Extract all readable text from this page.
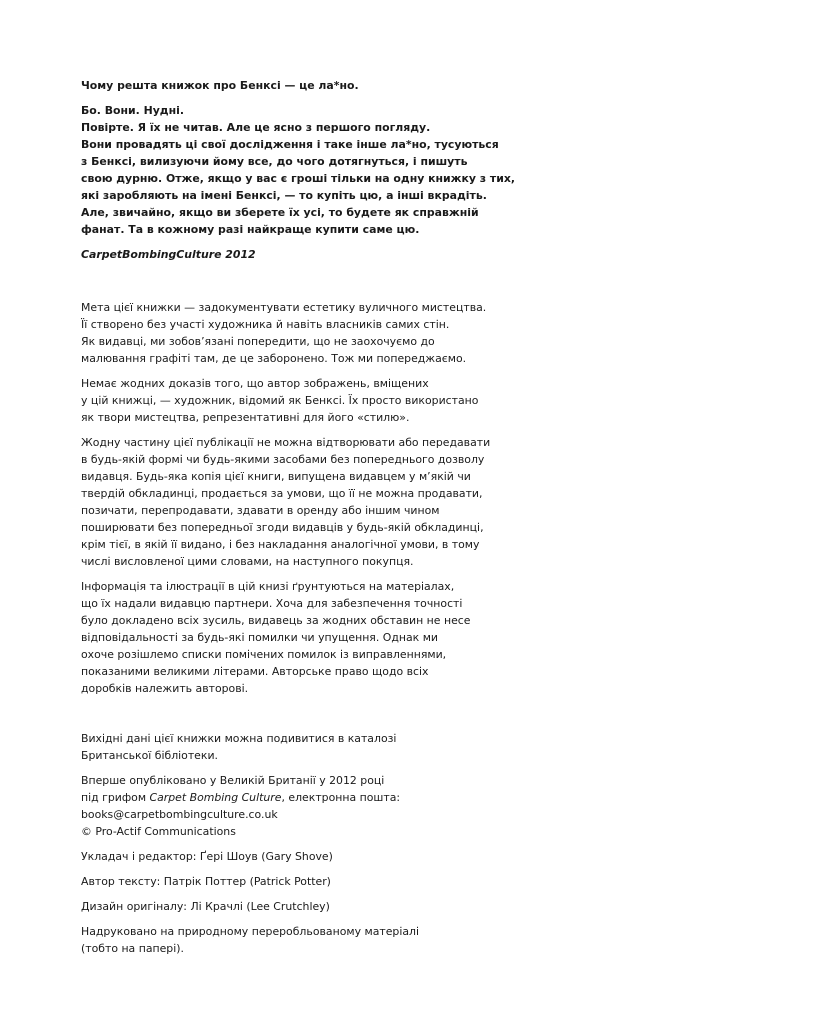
Чому решта книжок про Бенксі — це ла*но.

Бо. Вони. Нудні.
Повірте. Я їх не читав. Але це ясно з першого погляду.
Вони провадять ці свої дослідження і таке інше ла*но, тусуються
з Бенксі, вилизуючи йому все, до чого дотягнуться, і пишуть
свою дурню. Отже, якщо у вас є гроші тільки на одну книжку з тих,
які заробляють на імені Бенксі, — то купіть цю, а інші вкрадіть.
Але, звичайно, якщо ви зберете їх усі, то будете як справжній
фанат. Та в кожному разі найкраще купити саме цю.

CarpetBombingCulture 2012

Мета цієї книжки — задокументувати естетику вуличного мистецтва.
Її створено без участі художника й навіть власників самих стін.
Як видавці, ми зобов’язані попередити, що не заохочуємо до
малювання графіті там, де це заборонено. Тож ми попереджаємо.
Немає жодних доказів того, що автор зображень, вміщених
у цій книжці, — художник, відомий як Бенксі. Їх просто використано
як твори мистецтва, репрезентативні для його «стилю».
Жодну частину цієї публікації не можна відтворювати або передавати
в будь-якій формі чи будь-якими засобами без попереднього дозволу
видавця. Будь-яка копія цієї книги, випущена видавцем у м’якій чи
твердій обкладинці, продається за умови, що її не можна продавати,
позичати, перепродавати, здавати в оренду або іншим чином
поширювати без попередньої згоди видавців у будь-якій обкладинці,
крім тієї, в якій її видано, і без накладання аналогічної умови, в тому
числі висловленої цими словами, на наступного покупця.
Інформація та ілюстрації в цій книзі ґрунтуються на матеріалах,
що їх надали видавцю партнери. Хоча для забезпечення точності
було докладено всіх зусиль, видавець за жодних обставин не несе
відповідальності за будь-які помилки чи упущення. Однак ми
охоче розішлемо списки помічених помилок із виправленнями,
показаними великими літерами. Авторське право щодо всіх
доробків належить авторові.
Вихідні дані цієї книжки можна подивитися в каталозі
Британської бібліотеки.
Вперше опубліковано у Великій Британії у 2012 році
під грифом Carpet Bombing Culture, електронна пошта:
books@carpetbombingculture.co.uk
© Pro-Actif Communications

Укладач і редактор: Ґері Шоув (Gary Shove)

Автор тексту: Патрік Поттер (Patrick Potter)

Дизайн оригіналу: Лі Крачлі (Lee Crutchley)

Надруковано на природному переробльованому матеріалі
(тобто на папері).
